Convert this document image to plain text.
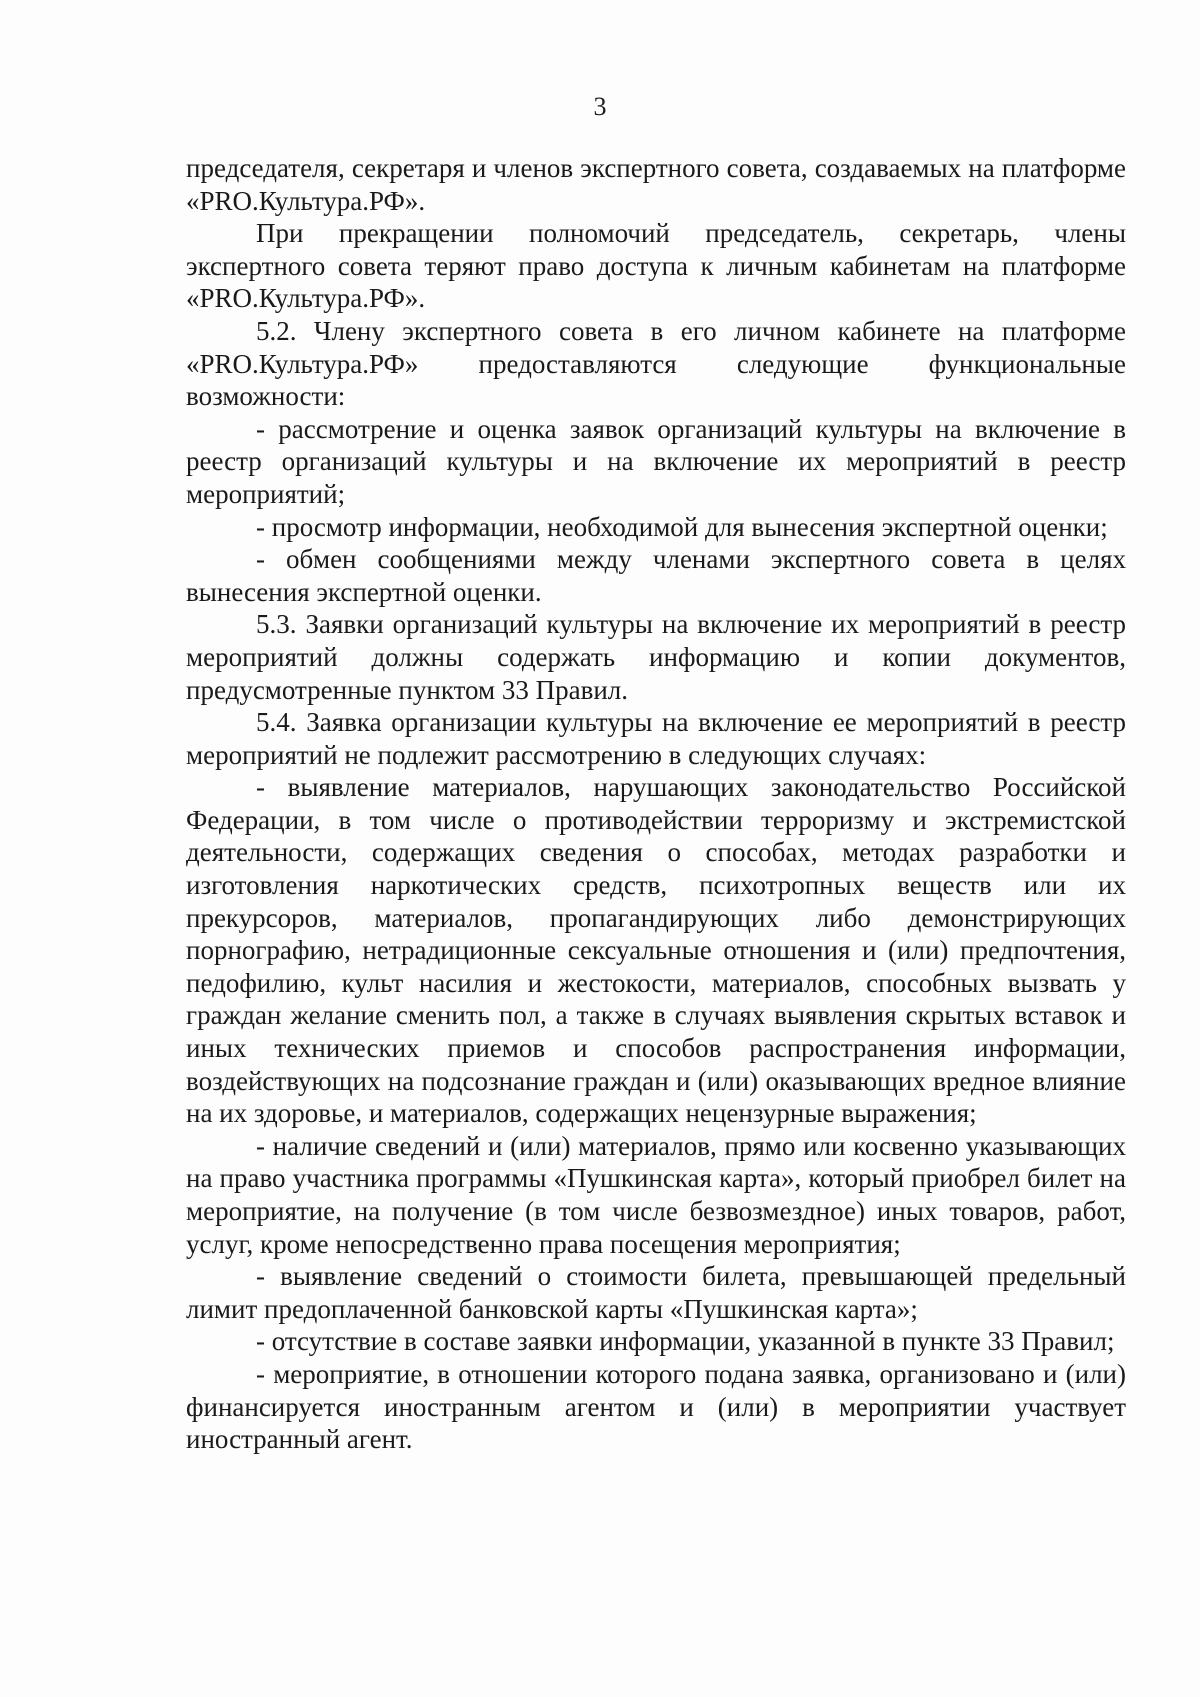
3

председателя, секретаря и членов экспертного совета, создаваемых на платформе «PRO.Культура.РФ».

При прекращении полномочий председатель, секретарь, члены экспертного совета теряют право доступа к личным кабинетам на платформе «PRO.Культура.РФ».

5.2. Члену экспертного совета в его личном кабинете на платформе «PRO.Культура.РФ» предоставляются следующие функциональные возможности:

- рассмотрение и оценка заявок организаций культуры на включение в реестр организаций культуры и на включение их мероприятий в реестр мероприятий;

- просмотр информации, необходимой для вынесения экспертной оценки;

- обмен сообщениями между членами экспертного совета в целях вынесения экспертной оценки.

5.3. Заявки организаций культуры на включение их мероприятий в реестр мероприятий должны содержать информацию и копии документов, предусмотренные пунктом 33 Правил.

5.4. Заявка организации культуры на включение ее мероприятий в реестр мероприятий не подлежит рассмотрению в следующих случаях:

- выявление материалов, нарушающих законодательство Российской Федерации, в том числе о противодействии терроризму и экстремистской деятельности, содержащих сведения о способах, методах разработки и изготовления наркотических средств, психотропных веществ или их прекурсоров, материалов, пропагандирующих либо демонстрирующих порнографию, нетрадиционные сексуальные отношения и (или) предпочтения, педофилию, культ насилия и жестокости, материалов, способных вызвать у граждан желание сменить пол, а также в случаях выявления скрытых вставок и иных технических приемов и способов распространения информации, воздействующих на подсознание граждан и (или) оказывающих вредное влияние на их здоровье, и материалов, содержащих нецензурные выражения;

- наличие сведений и (или) материалов, прямо или косвенно указывающих на право участника программы «Пушкинская карта», который приобрел билет на мероприятие, на получение (в том числе безвозмездное) иных товаров, работ, услуг, кроме непосредственно права посещения мероприятия;

- выявление сведений о стоимости билета, превышающей предельный лимит предоплаченной банковской карты «Пушкинская карта»;

- отсутствие в составе заявки информации, указанной в пункте 33 Правил;

- мероприятие, в отношении которого подана заявка, организовано и (или) финансируется иностранным агентом и (или) в мероприятии участвует иностранный агент.
